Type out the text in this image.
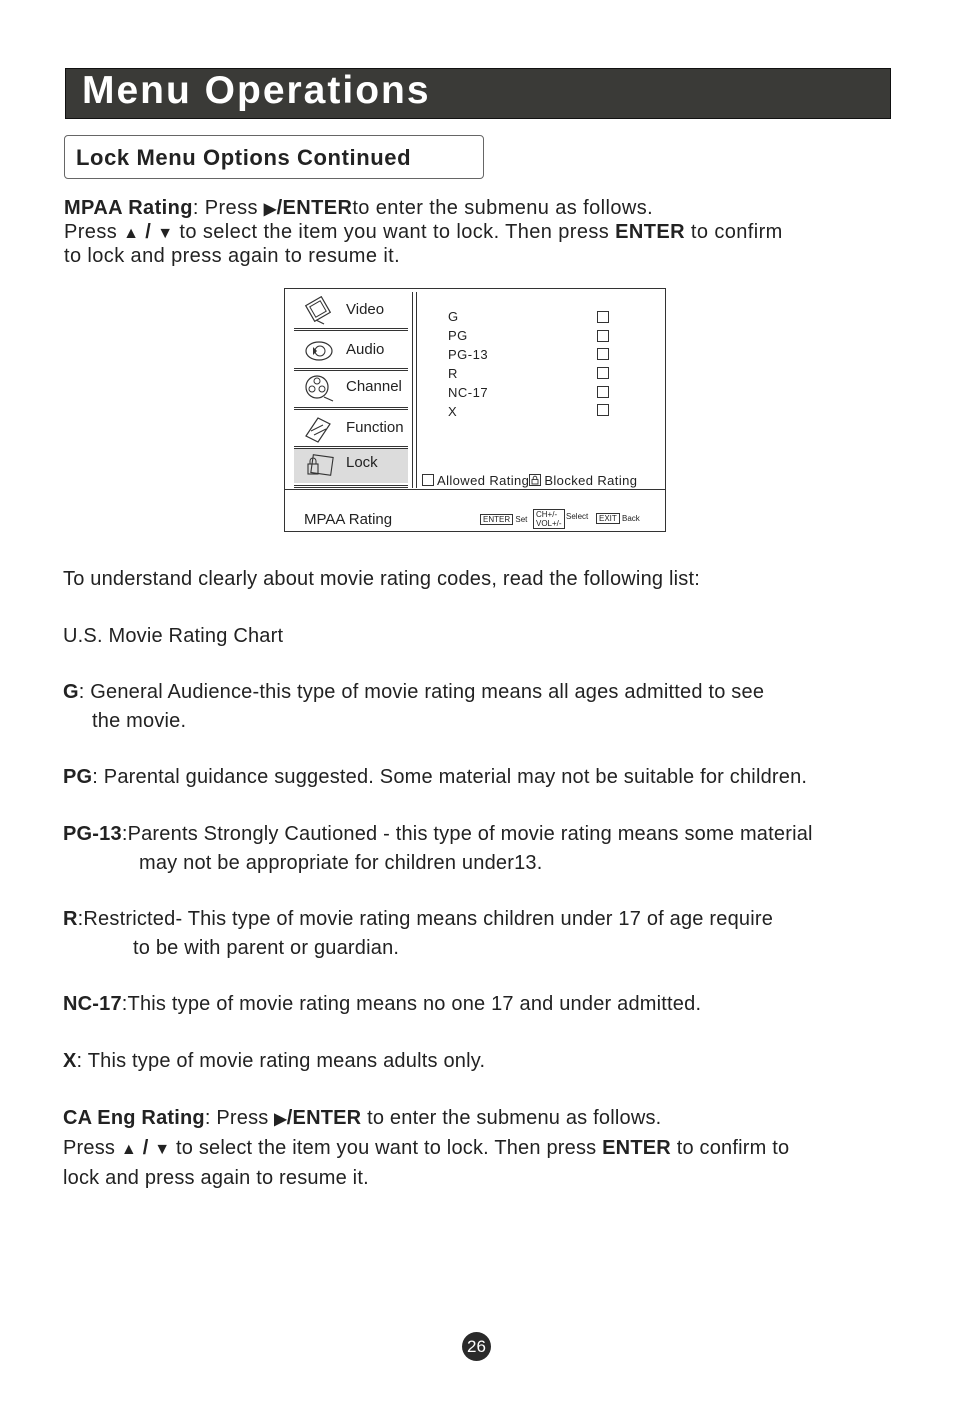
Menu Operations
Lock Menu Options Continued
MPAA Rating: Press ▶/ENTERto enter the submenu as follows.
Press ▲ / ▼ to select the item you want to lock. Then press ENTER to confirm
to lock and press again to resume it.
Video
Audio
Channel
Function
Lock
G
PG
PG-13
R
NC-17
X
Allowed Rating Blocked Rating
MPAA Rating	ENTER Set
CH+/-
VOL+/-
Select	EXIT Back
To understand clearly about movie rating codes, read the following list:
U.S. Movie Rating Chart
G: General Audience-this type of movie rating means all ages admitted to see
the movie.
PG: Parental guidance suggested. Some material may not be suitable for children.
PG-13:Parents Strongly Cautioned - this type of movie rating means some material
may not be appropriate for children under13.
R:Restricted- This type of movie rating means children under 17 of age require
to be with parent or guardian.
NC-17:This type of movie rating means no one 17 and under admitted.
X: This type of movie rating means adults only.
CA Eng Rating: Press ▶/ENTER to enter the submenu as follows.
Press ▲ / ▼ to select the item you want to lock. Then press ENTER to confirm to
lock and press again to resume it.
26
